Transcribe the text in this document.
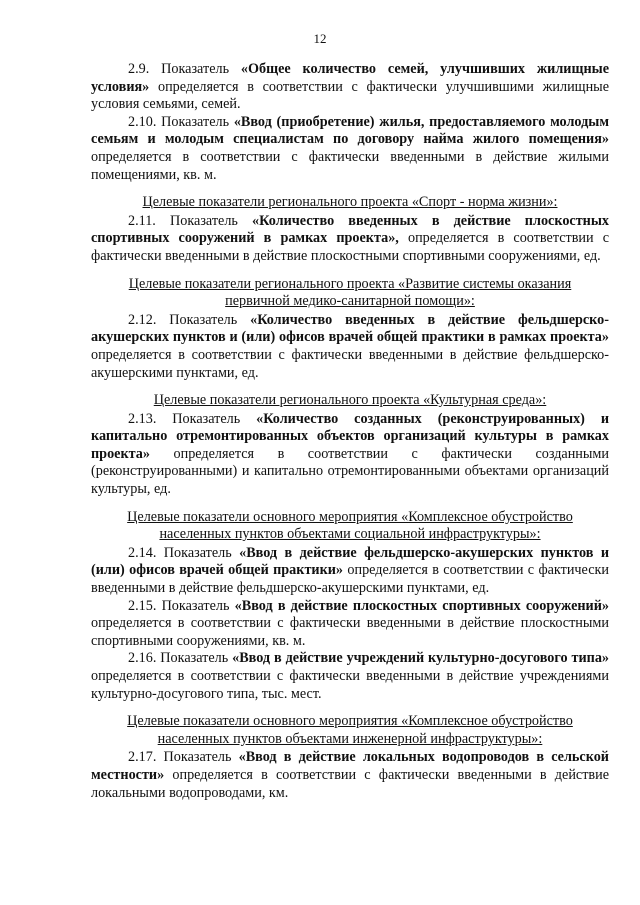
12

2.9. Показатель «Общее количество семей, улучшивших жилищные условия» определяется в соответствии с фактически улучшившими жилищные условия семьями, семей.

2.10. Показатель «Ввод (приобретение) жилья, предоставляемого молодым семьям и молодым специалистам по договору найма жилого помещения» определяется в соответствии с фактически введенными в действие жилыми помещениями, кв. м.

Целевые показатели регионального проекта «Спорт - норма жизни»:

2.11. Показатель «Количество введенных в действие плоскостных спортивных сооружений в рамках проекта», определяется в соответствии с фактически введенными в действие плоскостными спортивными сооружениями, ед.

Целевые показатели регионального проекта «Развитие системы оказания
первичной медико-санитарной помощи»:

2.12. Показатель «Количество введенных в действие фельдшерско-акушерских пунктов и (или) офисов врачей общей практики в рамках проекта» определяется в соответствии с фактически введенными в действие фельдшерско-акушерскими пунктами, ед.

Целевые показатели регионального проекта «Культурная среда»:

2.13. Показатель «Количество созданных (реконструированных) и капитально отремонтированных объектов организаций культуры в рамках проекта» определяется в соответствии с фактически созданными (реконструированными) и капитально отремонтированными объектами организаций культуры, ед.

Целевые показатели основного мероприятия «Комплексное обустройство
населенных пунктов объектами социальной инфраструктуры»:

2.14. Показатель «Ввод в действие фельдшерско-акушерских пунктов и (или) офисов врачей общей практики» определяется в соответствии с фактически введенными в действие фельдшерско-акушерскими пунктами, ед.

2.15. Показатель «Ввод в действие плоскостных спортивных сооружений» определяется в соответствии с фактически введенными в действие плоскостными спортивными сооружениями, кв. м.

2.16. Показатель «Ввод в действие учреждений культурно-досугового типа» определяется в соответствии с фактически введенными в действие учреждениями культурно-досугового типа, тыс. мест.

Целевые показатели основного мероприятия «Комплексное обустройство
населенных пунктов объектами инженерной инфраструктуры»:

2.17. Показатель «Ввод в действие локальных водопроводов в сельской местности» определяется в соответствии с фактически введенными в действие локальными водопроводами, км.
